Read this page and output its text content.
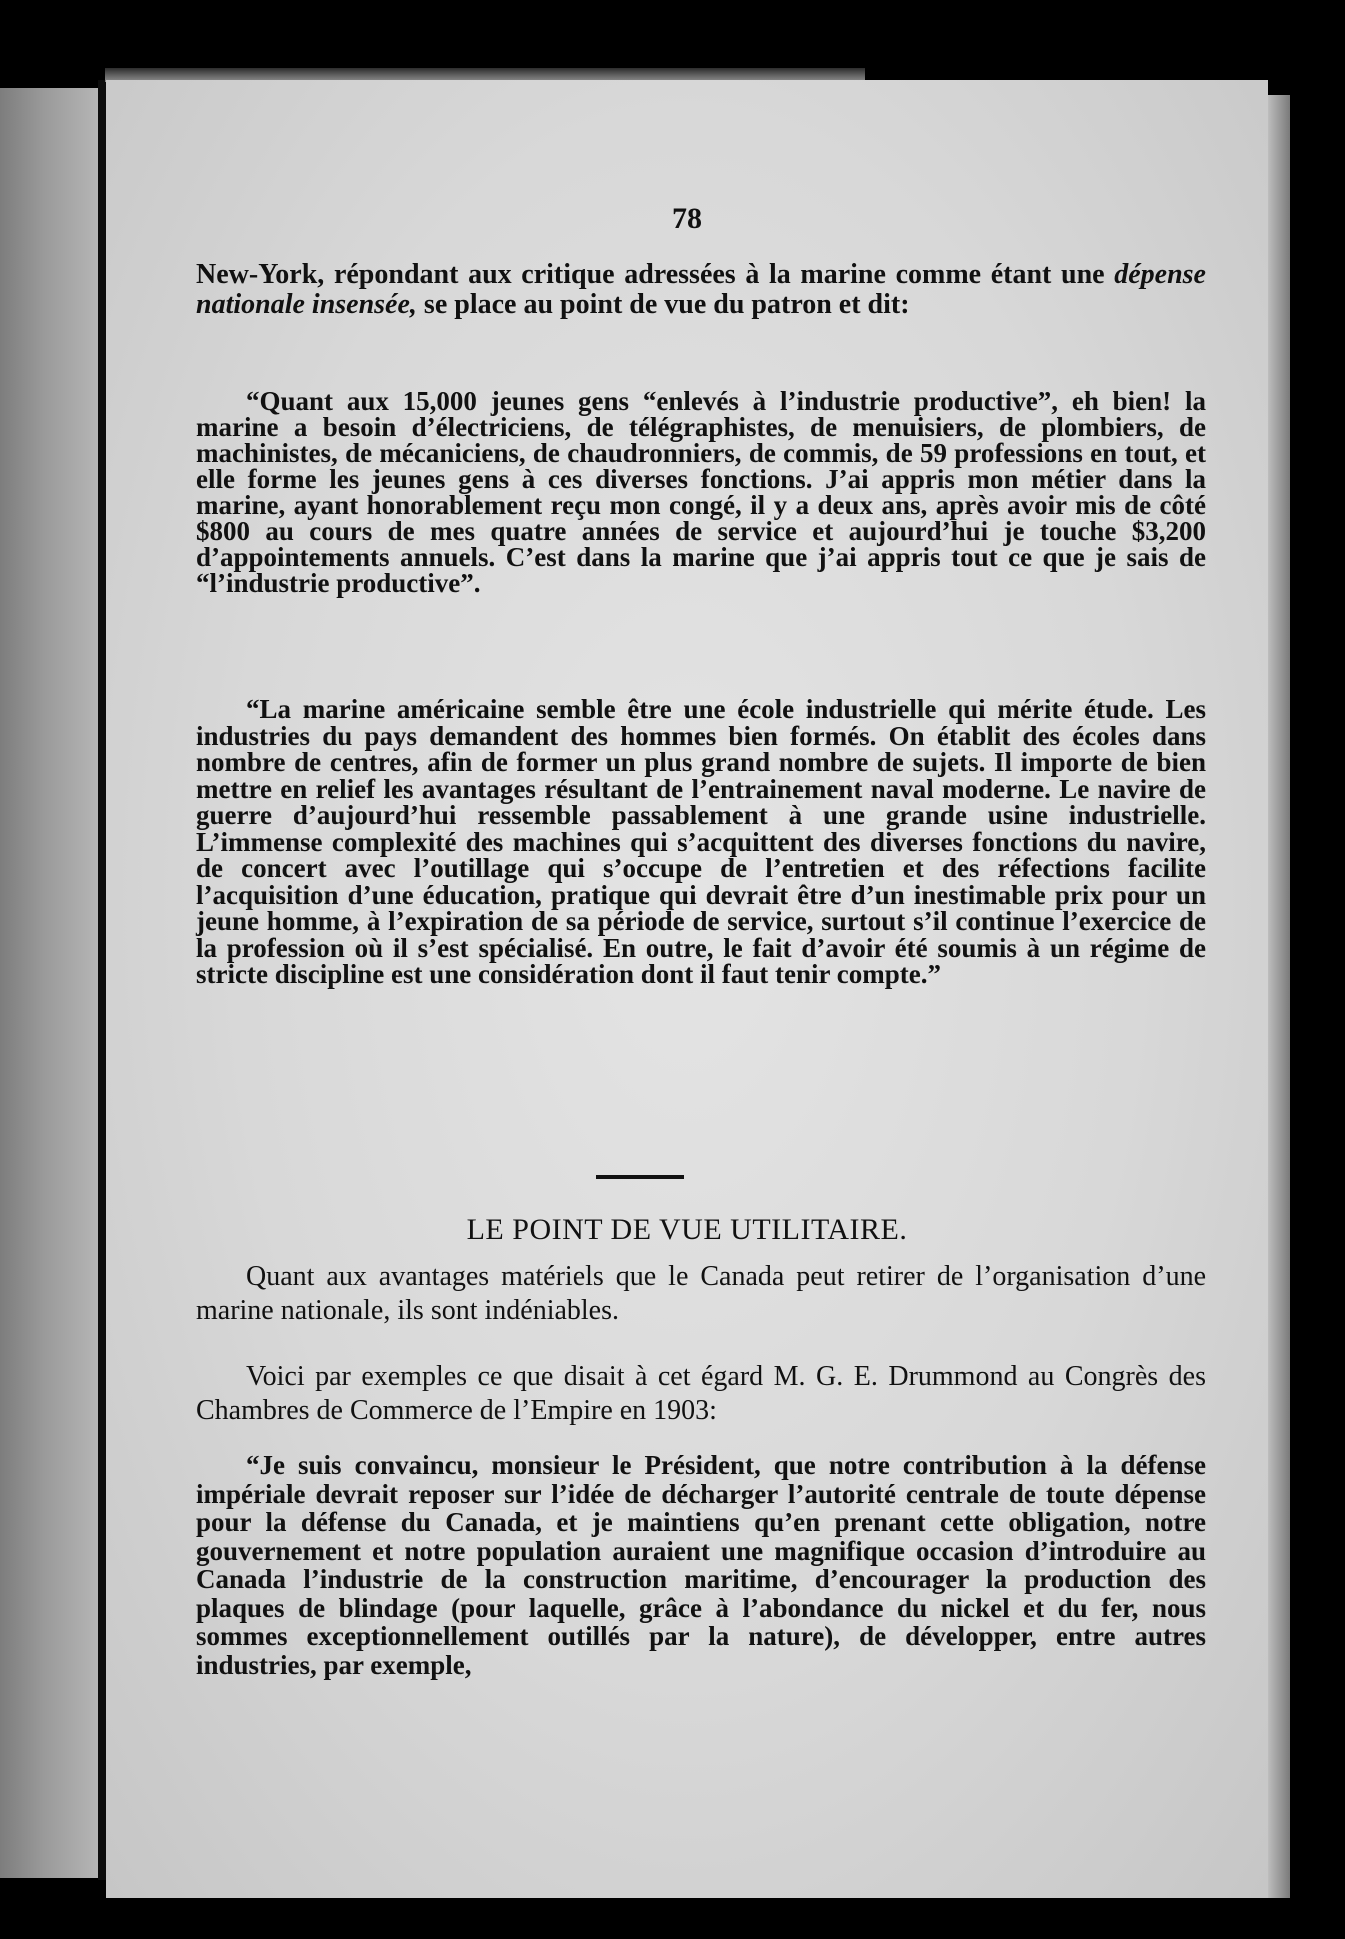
78
New-York, répondant aux critique adressées à la marine comme étant une dépense nationale insensée, se place au point de vue du patron et dit:

“Quant aux 15,000 jeunes gens “enlevés à l’industrie productive”, eh bien! la marine a besoin d’électriciens, de télégraphistes, de menuisiers, de plombiers, de machinistes, de mécaniciens, de chaudronniers, de commis, de 59 professions en tout, et elle forme les jeunes gens à ces diverses fonctions. J’ai appris mon métier dans la marine, ayant honorablement reçu mon congé, il y a deux ans, après avoir mis de côté $800 au cours de mes quatre années de service et aujourd’hui je touche $3,200 d’appointements annuels. C’est dans la marine que j’ai appris tout ce que je sais de “l’industrie productive”.

“La marine américaine semble être une école industrielle qui mérite étude. Les industries du pays demandent des hommes bien formés. On établit des écoles dans nombre de centres, afin de former un plus grand nombre de sujets. Il importe de bien mettre en relief les avantages résultant de l’entrainement naval moderne. Le navire de guerre d’aujourd’hui ressemble passablement à une grande usine industrielle. L’immense complexité des machines qui s’acquittent des diverses fonctions du navire, de concert avec l’outillage qui s’occupe de l’entretien et des réfections facilite l’acquisition d’une éducation, pratique qui devrait être d’un inestimable prix pour un jeune homme, à l’expiration de sa période de service, surtout s’il continue l’exercice de la profession où il s’est spécialisé. En outre, le fait d’avoir été soumis à un régime de stricte discipline est une considération dont il faut tenir compte.”

LE POINT DE VUE UTILITAIRE.

Quant aux avantages matériels que le Canada peut retirer de l’organisation d’une marine nationale, ils sont indéniables.

Voici par exemples ce que disait à cet égard M. G. E. Drummond au Congrès des Chambres de Commerce de l’Empire en 1903:

“Je suis convaincu, monsieur le Président, que notre contribution à la défense impériale devrait reposer sur l’idée de décharger l’autorité centrale de toute dépense pour la défense du Canada, et je maintiens qu’en prenant cette obligation, notre gouvernement et notre population auraient une magnifique occasion d’introduire au Canada l’industrie de la construction maritime, d’encourager la production des plaques de blindage (pour laquelle, grâce à l’abondance du nickel et du fer, nous sommes exceptionnellement outillés par la nature), de développer, entre autres industries, par exemple,
